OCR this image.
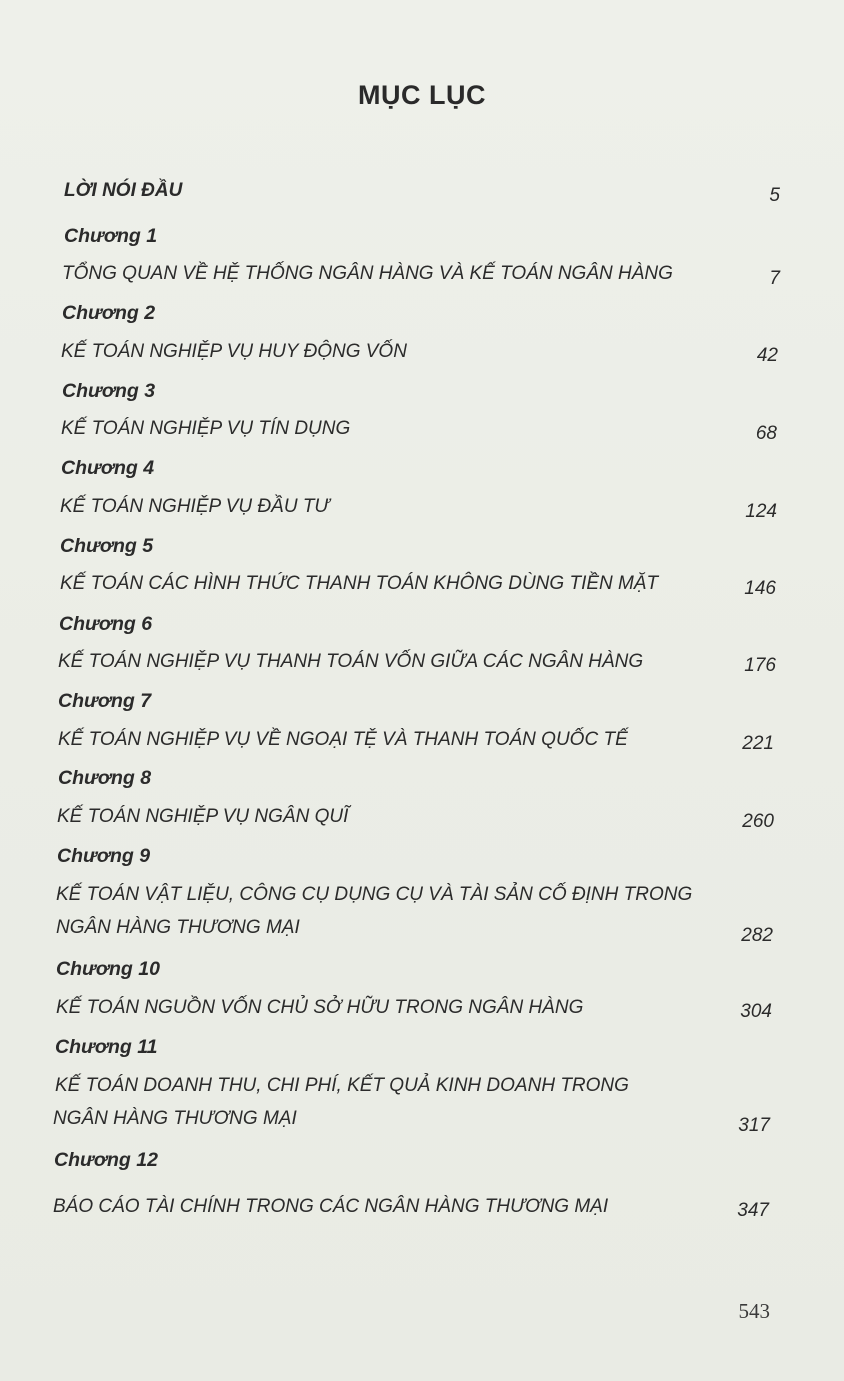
MỤC LỤC
LỜI NÓI ĐẦU	5
Chương 1
TỔNG QUAN VỀ HỆ THỐNG NGÂN HÀNG VÀ KẾ TOÁN NGÂN HÀNG	7
Chương 2
KẾ TOÁN NGHIỆP VỤ HUY ĐỘNG VỐN	42
Chương 3
KẾ TOÁN NGHIỆP VỤ TÍN DỤNG	68
Chương 4
KẾ TOÁN NGHIỆP VỤ ĐẦU TƯ	124
Chương 5
KẾ TOÁN CÁC HÌNH THỨC THANH TOÁN KHÔNG DÙNG TIỀN MẶT	146
Chương 6
KẾ TOÁN NGHIỆP VỤ THANH TOÁN VỐN GIỮA CÁC NGÂN HÀNG	176
Chương 7
KẾ TOÁN NGHIỆP VỤ VỀ NGOẠI TỆ VÀ THANH TOÁN QUỐC TẾ	221
Chương 8
KẾ TOÁN NGHIỆP VỤ NGÂN QUĨ	260
Chương 9
KẾ TOÁN VẬT LIỆU, CÔNG CỤ DỤNG CỤ VÀ TÀI SẢN CỐ ĐỊNH TRONG
NGÂN HÀNG THƯƠNG MẠI	282
Chương 10
KẾ TOÁN NGUỒN VỐN CHỦ SỞ HỮU TRONG NGÂN HÀNG	304
Chương 11
KẾ TOÁN DOANH THU, CHI PHÍ, KẾT QUẢ KINH DOANH TRONG
NGÂN HÀNG THƯƠNG MẠI	317
Chương 12
BÁO CÁO TÀI CHÍNH TRONG CÁC NGÂN HÀNG THƯƠNG MẠI	347
543
